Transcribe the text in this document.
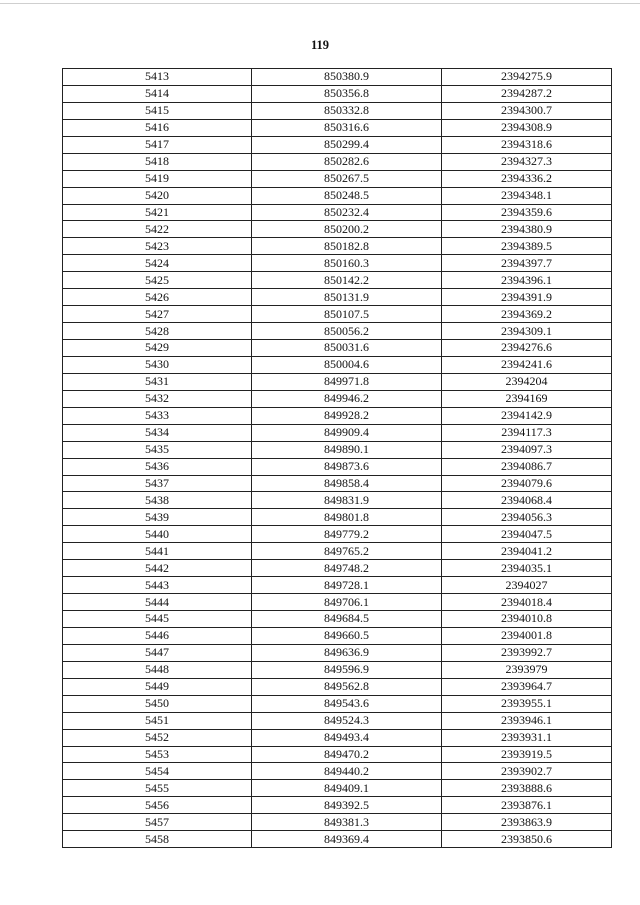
119
5413	850380.9	2394275.9
5414	850356.8	2394287.2
5415	850332.8	2394300.7
5416	850316.6	2394308.9
5417	850299.4	2394318.6
5418	850282.6	2394327.3
5419	850267.5	2394336.2
5420	850248.5	2394348.1
5421	850232.4	2394359.6
5422	850200.2	2394380.9
5423	850182.8	2394389.5
5424	850160.3	2394397.7
5425	850142.2	2394396.1
5426	850131.9	2394391.9
5427	850107.5	2394369.2
5428	850056.2	2394309.1
5429	850031.6	2394276.6
5430	850004.6	2394241.6
5431	849971.8	2394204
5432	849946.2	2394169
5433	849928.2	2394142.9
5434	849909.4	2394117.3
5435	849890.1	2394097.3
5436	849873.6	2394086.7
5437	849858.4	2394079.6
5438	849831.9	2394068.4
5439	849801.8	2394056.3
5440	849779.2	2394047.5
5441	849765.2	2394041.2
5442	849748.2	2394035.1
5443	849728.1	2394027
5444	849706.1	2394018.4
5445	849684.5	2394010.8
5446	849660.5	2394001.8
5447	849636.9	2393992.7
5448	849596.9	2393979
5449	849562.8	2393964.7
5450	849543.6	2393955.1
5451	849524.3	2393946.1
5452	849493.4	2393931.1
5453	849470.2	2393919.5
5454	849440.2	2393902.7
5455	849409.1	2393888.6
5456	849392.5	2393876.1
5457	849381.3	2393863.9
5458	849369.4	2393850.6
